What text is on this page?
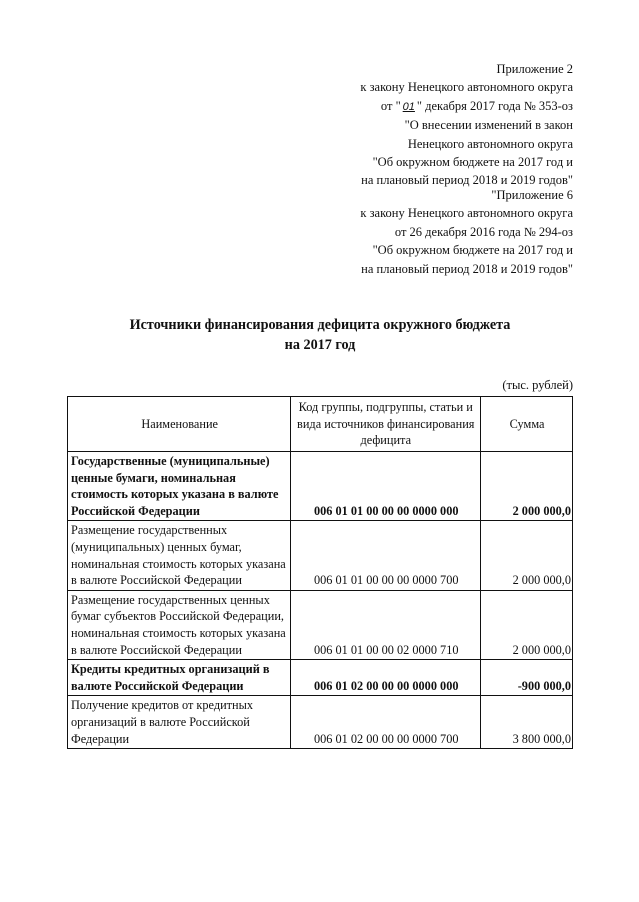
Приложение 2
к закону Ненецкого автономного округа
от " 01 " декабря 2017 года № 353-оз
"О внесении изменений в закон
Ненецкого автономного округа
"Об окружном бюджете на 2017 год и
на плановый период 2018 и 2019 годов"
"Приложение 6
к закону Ненецкого автономного округа
от 26 декабря 2016 года № 294-оз
"Об окружном бюджете на 2017 год и
на плановый период 2018 и 2019 годов"
Источники финансирования дефицита окружного бюджета
на 2017 год
(тыс. рублей)
Наименование	Код группы, подгруппы, статьи и вида источников финансирования дефицита	Сумма
Государственные (муниципальные) ценные бумаги, номинальная стоимость которых указана в валюте Российской Федерации	006 01 01 00 00 00 0000 000	2 000 000,0
Размещение государственных (муниципальных) ценных бумаг, номинальная стоимость которых указана в валюте Российской Федерации	006 01 01 00 00 00 0000 700	2 000 000,0
Размещение государственных ценных бумаг субъектов Российской Федерации, номинальная стоимость которых указана в валюте Российской Федерации	006 01 01 00 00 02 0000 710	2 000 000,0
Кредиты кредитных организаций в валюте Российской Федерации	006 01 02 00 00 00 0000 000	-900 000,0
Получение кредитов от кредитных организаций в валюте Российской Федерации	006 01 02 00 00 00 0000 700	3 800 000,0
